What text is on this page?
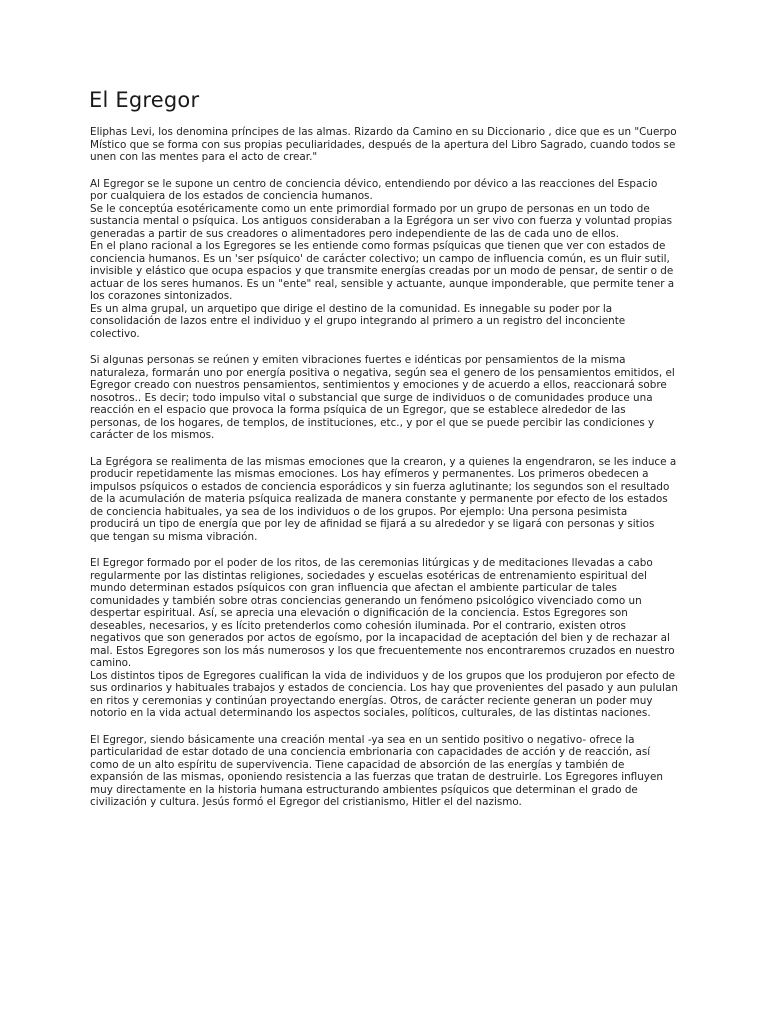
El Egregor

Eliphas Levi, los denomina príncipes de las almas. Rizardo da Camino en su Diccionario , dice que es un "Cuerpo
Místico que se forma con sus propias peculiaridades, después de la apertura del Libro Sagrado, cuando todos se
unen con las mentes para el acto de crear."

Al Egregor se le supone un centro de conciencia dévico, entendiendo por dévico a las reacciones del Espacio
por cualquiera de los estados de conciencia humanos.
Se le conceptúa esotéricamente como un ente primordial formado por un grupo de personas en un todo de
sustancia mental o psíquica. Los antiguos consideraban a la Egrégora un ser vivo con fuerza y voluntad propias
generadas a partir de sus creadores o alimentadores pero independiente de las de cada uno de ellos.
En el plano racional a los Egregores se les entiende como formas psíquicas que tienen que ver con estados de
conciencia humanos. Es un 'ser psíquico' de carácter colectivo; un campo de influencia común, es un fluir sutil,
invisible y elástico que ocupa espacios y que transmite energías creadas por un modo de pensar, de sentir o de
actuar de los seres humanos. Es un "ente" real, sensible y actuante, aunque imponderable, que permite tener a
los corazones sintonizados.
Es un alma grupal, un arquetipo que dirige el destino de la comunidad. Es innegable su poder por la
consolidación de lazos entre el individuo y el grupo integrando al primero a un registro del inconciente
colectivo.

Si algunas personas se reúnen y emiten vibraciones fuertes e idénticas por pensamientos de la misma
naturaleza, formarán uno por energía positiva o negativa, según sea el genero de los pensamientos emitidos, el
Egregor creado con nuestros pensamientos, sentimientos y emociones y de acuerdo a ellos, reaccionará sobre
nosotros.. Es decir; todo impulso vital o substancial que surge de individuos o de comunidades produce una
reacción en el espacio que provoca la forma psíquica de un Egregor, que se establece alrededor de las
personas, de los hogares, de templos, de instituciones, etc., y por el que se puede percibir las condiciones y
carácter de los mismos.

La Egrégora se realimenta de las mismas emociones que la crearon, y a quienes la engendraron, se les induce a
producir repetidamente las mismas emociones. Los hay efímeros y permanentes. Los primeros obedecen a
impulsos psíquicos o estados de conciencia esporádicos y sin fuerza aglutinante; los segundos son el resultado
de la acumulación de materia psíquica realizada de manera constante y permanente por efecto de los estados
de conciencia habituales, ya sea de los individuos o de los grupos. Por ejemplo: Una persona pesimista
producirá un tipo de energía que por ley de afinidad se fijará a su alrededor y se ligará con personas y sitios
que tengan su misma vibración.

El Egregor formado por el poder de los ritos, de las ceremonias litúrgicas y de meditaciones llevadas a cabo
regularmente por las distintas religiones, sociedades y escuelas esotéricas de entrenamiento espiritual del
mundo determinan estados psíquicos con gran influencia que afectan el ambiente particular de tales
comunidades y también sobre otras conciencias generando un fenómeno psicológico vivenciado como un
despertar espiritual. Así, se aprecia una elevación o dignificación de la conciencia. Estos Egregores son
deseables, necesarios, y es lícito pretenderlos como cohesión iluminada. Por el contrario, existen otros
negativos que son generados por actos de egoísmo, por la incapacidad de aceptación del bien y de rechazar al
mal. Estos Egregores son los más numerosos y los que frecuentemente nos encontraremos cruzados en nuestro
camino.
Los distintos tipos de Egregores cualifican la vida de individuos y de los grupos que los produjeron por efecto de
sus ordinarios y habituales trabajos y estados de conciencia. Los hay que provenientes del pasado y aun pululan
en ritos y ceremonias y continúan proyectando energías. Otros, de carácter reciente generan un poder muy
notorio en la vida actual determinando los aspectos sociales, políticos, culturales, de las distintas naciones.

El Egregor, siendo básicamente una creación mental -ya sea en un sentido positivo o negativo- ofrece la
particularidad de estar dotado de una conciencia embrionaria con capacidades de acción y de reacción, así
como de un alto espíritu de supervivencia. Tiene capacidad de absorción de las energías y también de
expansión de las mismas, oponiendo resistencia a las fuerzas que tratan de destruirle. Los Egregores influyen
muy directamente en la historia humana estructurando ambientes psíquicos que determinan el grado de
civilización y cultura. Jesús formó el Egregor del cristianismo, Hitler el del nazismo.
